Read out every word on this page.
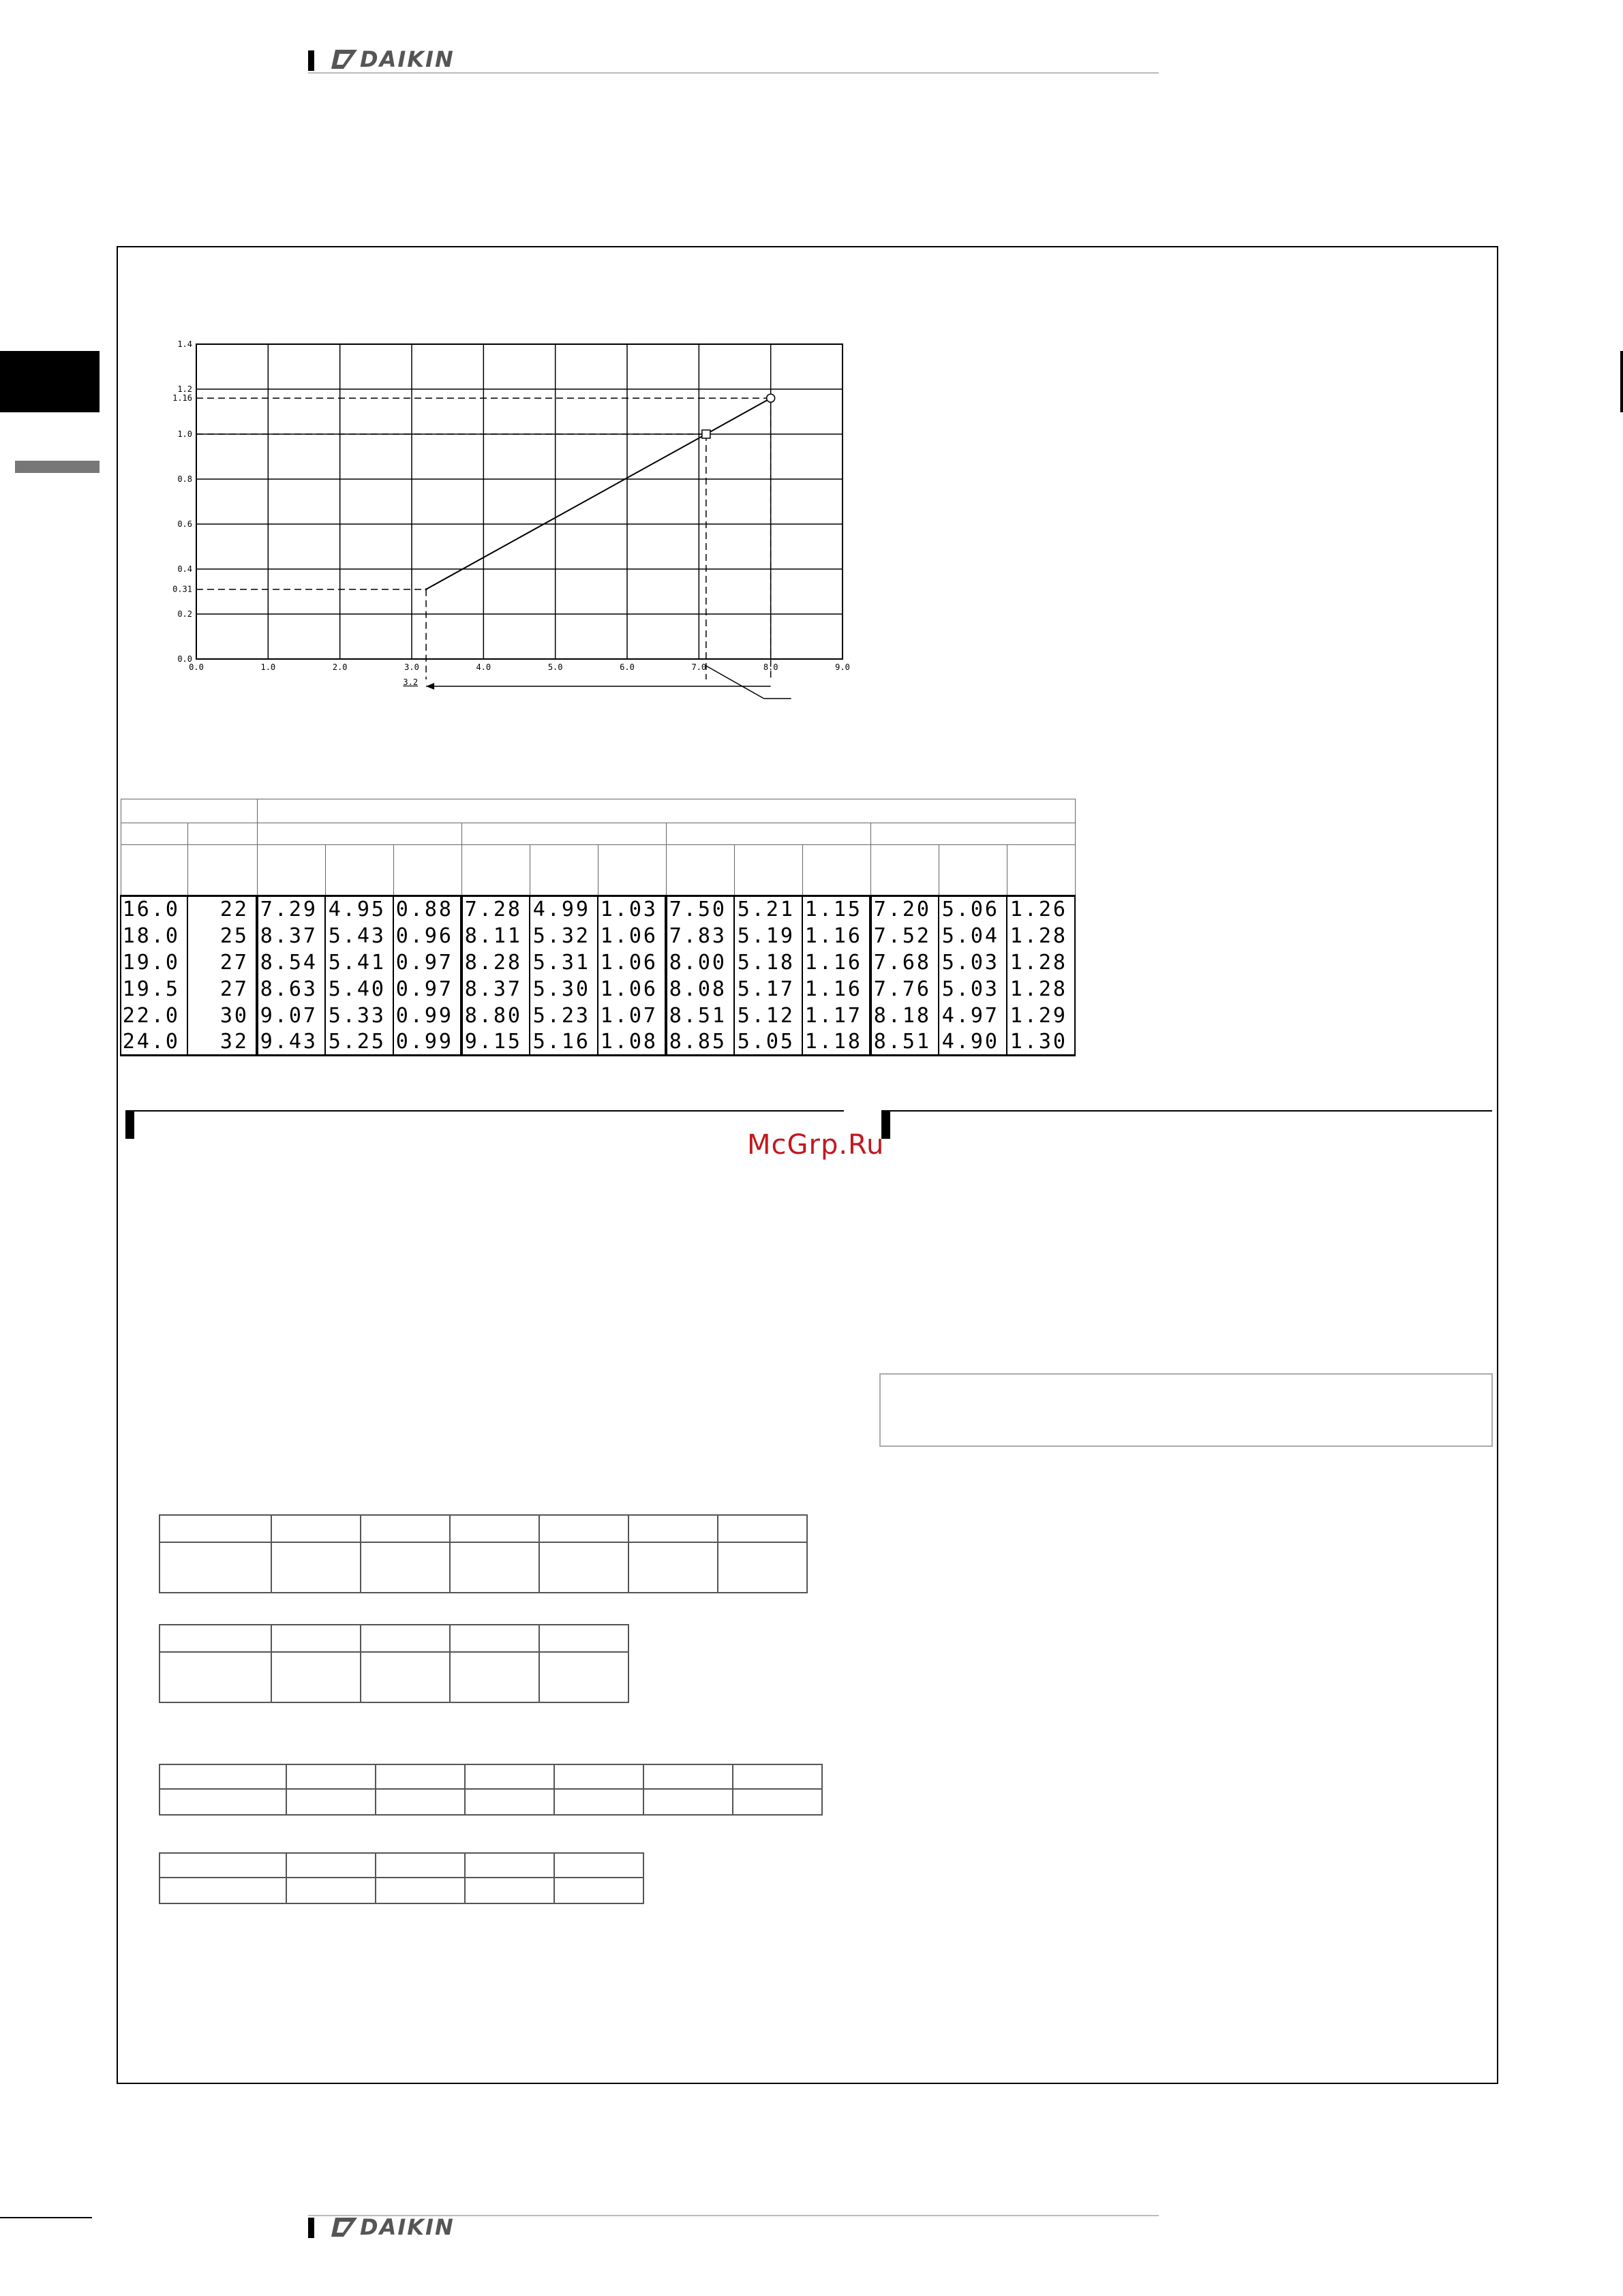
DAIKIN
0.0	1.0	2.0	3.0	4.0	5.0	6.0	7.0	8.0	9.0
0.0
0.2
0.31
0.4
0.6
0.8
1.0
1.16
1.2
1.4
3.2

16.0	22	7.29	4.95	0.88	7.28	4.99	1.03	7.50	5.21	1.15	7.20	5.06	1.26
18.0	25	8.37	5.43	0.96	8.11	5.32	1.06	7.83	5.19	1.16	7.52	5.04	1.28
19.0	27	8.54	5.41	0.97	8.28	5.31	1.06	8.00	5.18	1.16	7.68	5.03	1.28
19.5	27	8.63	5.40	0.97	8.37	5.30	1.06	8.08	5.17	1.16	7.76	5.03	1.28
22.0	30	9.07	5.33	0.99	8.80	5.23	1.07	8.51	5.12	1.17	8.18	4.97	1.29
24.0	32	9.43	5.25	0.99	9.15	5.16	1.08	8.85	5.05	1.18	8.51	4.90	1.30
McGrp.Ru

DAIKIN
